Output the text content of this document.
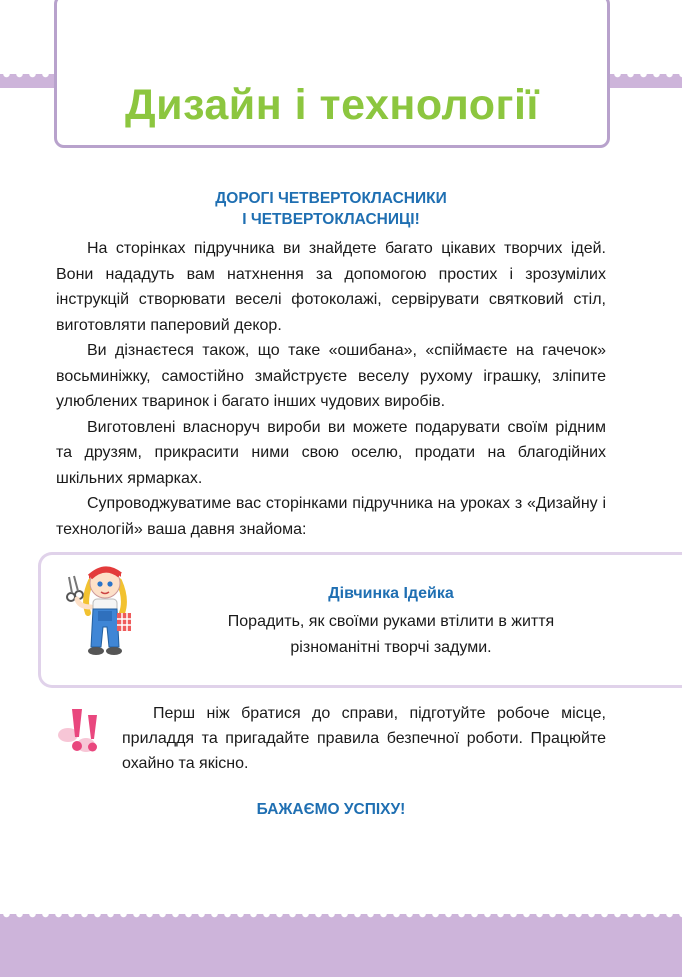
Дизайн і технології
ДОРОГІ ЧЕТВЕРТОКЛАСНИКИ
І ЧЕТВЕРТОКЛАСНИЦІ!

На сторінках підручника ви знайдете багато цікавих творчих ідей. Вони нададуть вам натхнення за допомогою простих і зрозумілих інструкцій створювати веселі фотоколажі, сервірувати святковий стіл, виготовляти паперовий декор.

Ви дізнаєтеся також, що таке «ошибана», «спіймаєте на гачечок» восьминіжку, самостійно змайструєте веселу рухому іграшку, зліпите улюблених тваринок і багато інших чудових виробів.

Виготовлені власноруч вироби ви можете подарувати своїм рідним та друзям, прикрасити ними свою оселю, продати на благодійних шкільних ярмарках.

Супроводжуватиме вас сторінками підручника на уроках з «Дизайну і технологій» ваша давня знайома:

Дівчинка Ідейка
Порадить, як своїми руками втілити в життя
різноманітні творчі задуми.

Перш ніж братися до справи, підготуйте робоче місце, приладдя та пригадайте правила безпечної роботи. Працюйте охайно та якісно.

БАЖАЄМО УСПІХУ!
